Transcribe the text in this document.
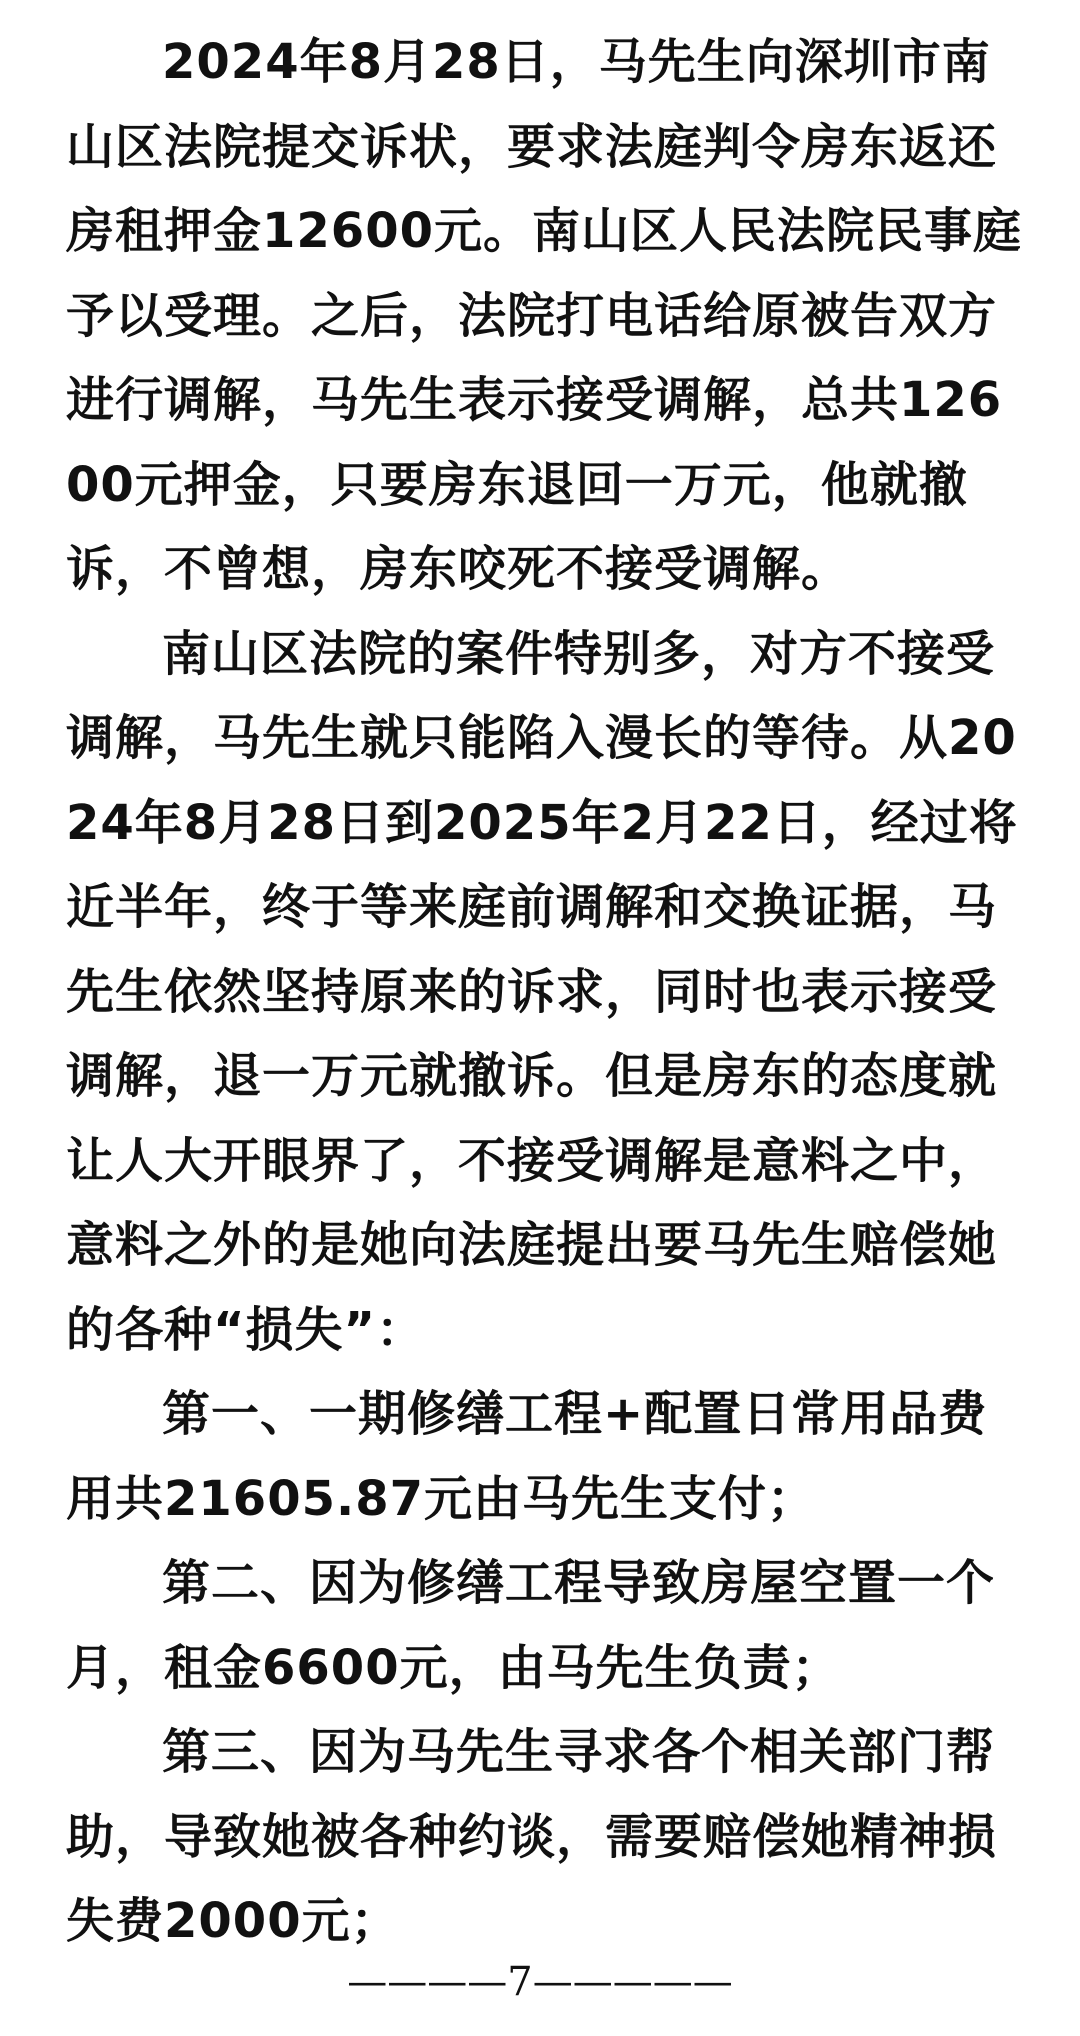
2024年8月28日，马先生向深圳市南山区法院提交诉状，要求法庭判令房东返还房租押金12600元。南山区人民法院民事庭予以受理。之后，法院打电话给原被告双方进行调解，马先生表示接受调解，总共12600元押金，只要房东退回一万元，他就撤诉，不曾想，房东咬死不接受调解。

南山区法院的案件特别多，对方不接受调解，马先生就只能陷入漫长的等待。从2024年8月28日到2025年2月22日，经过将近半年，终于等来庭前调解和交换证据，马先生依然坚持原来的诉求，同时也表示接受调解，退一万元就撤诉。但是房东的态度就让人大开眼界了，不接受调解是意料之中，意料之外的是她向法庭提出要马先生赔偿她的各种“损失”：

第一、一期修缮工程+配置日常用品费用共21605.87元由马先生支付；

第二、因为修缮工程导致房屋空置一个月，租金6600元，由马先生负责；

第三、因为马先生寻求各个相关部门帮助，导致她被各种约谈，需要赔偿她精神损失费2000元；

————7—————
